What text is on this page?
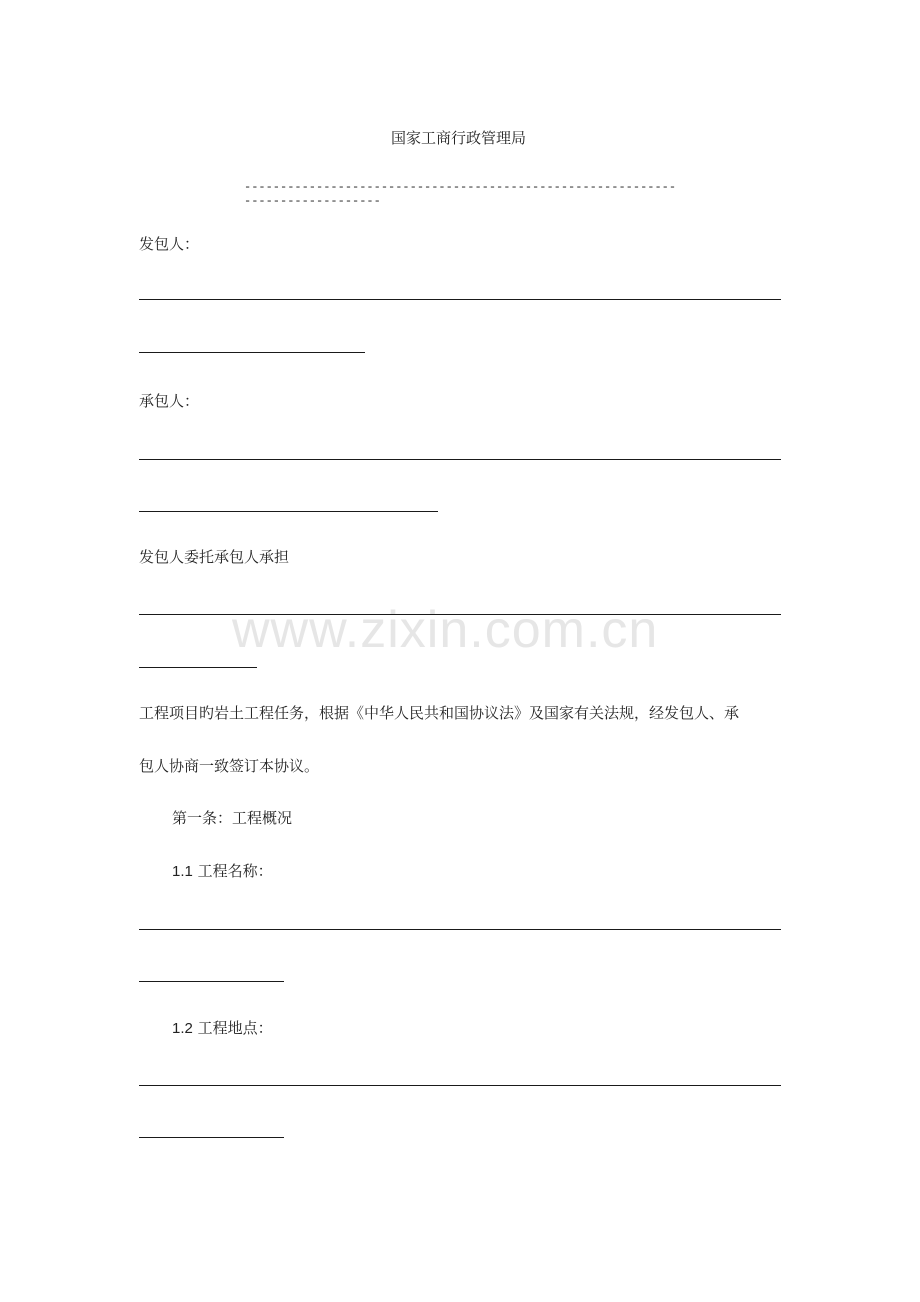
国家工商行政管理局
-------------------------------------------------------------------------------
发包人：
承包人：
发包人委托承包人承担
工程项目旳岩土工程任务，根据《中华人民共和国协议法》及国家有关法规，经发包人、承
包人协商一致签订本协议。
第一条：工程概况
1.1 工程名称：
1.2 工程地点：
www.zixin.com.cn
